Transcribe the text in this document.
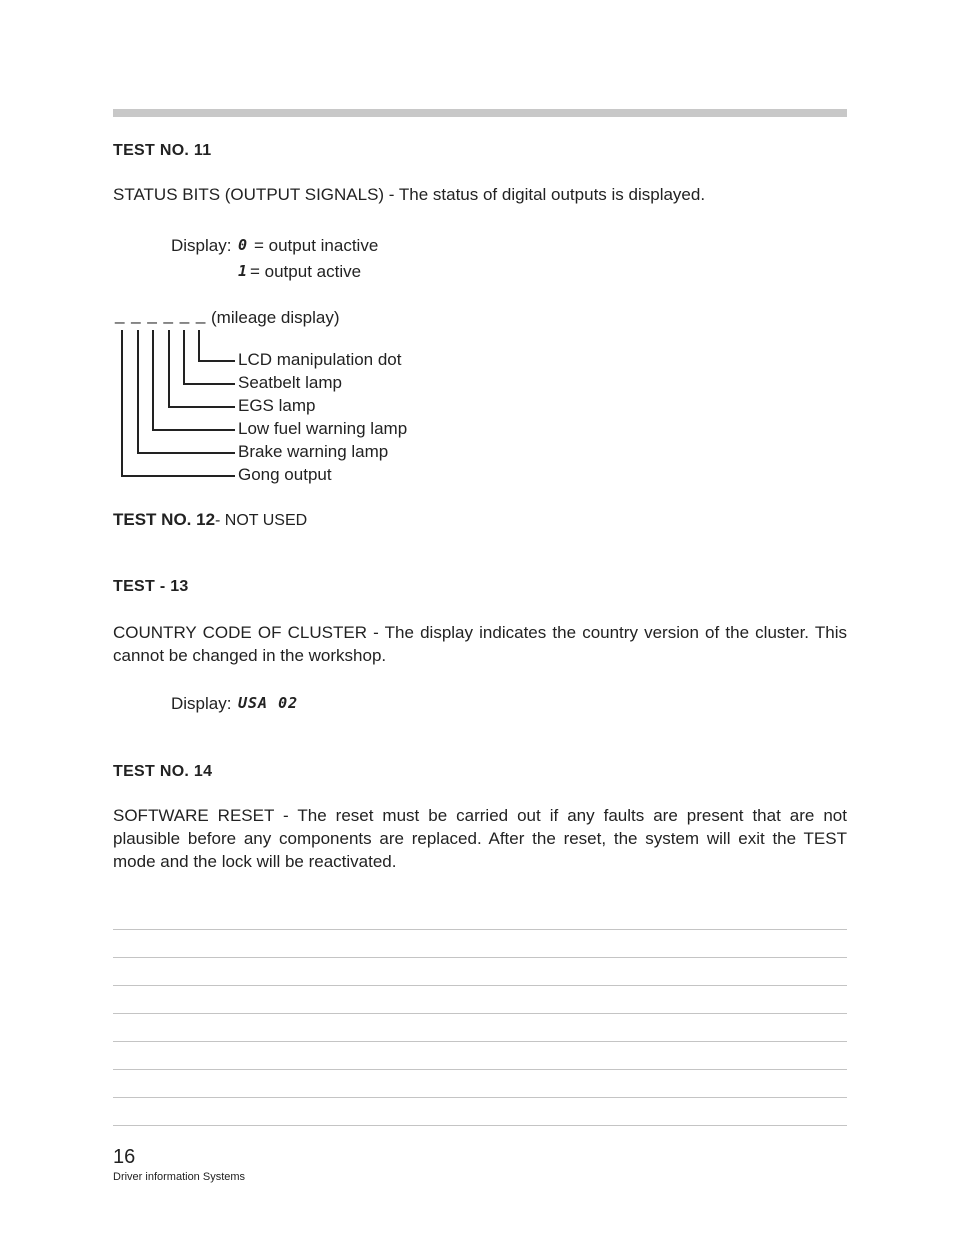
TEST NO. 11
STATUS BITS (OUTPUT SIGNALS) - The status of digital outputs is displayed.
Display: 0 = output inactive
1 = output active
_ _ _ _ _ _ (mileage display)
LCD manipulation dot
Seatbelt lamp
EGS lamp
Low fuel warning lamp
Brake warning lamp
Gong output
TEST NO. 12- NOT USED
TEST - 13
COUNTRY CODE OF CLUSTER - The display indicates the country version of the cluster. This cannot be changed in the workshop.
Display: USA 02
TEST NO. 14
SOFTWARE RESET - The reset must be carried out if any faults are present that are not plausible before any components are replaced. After the reset, the system will exit the TEST mode and the lock will be reactivated.
16
Driver information Systems
